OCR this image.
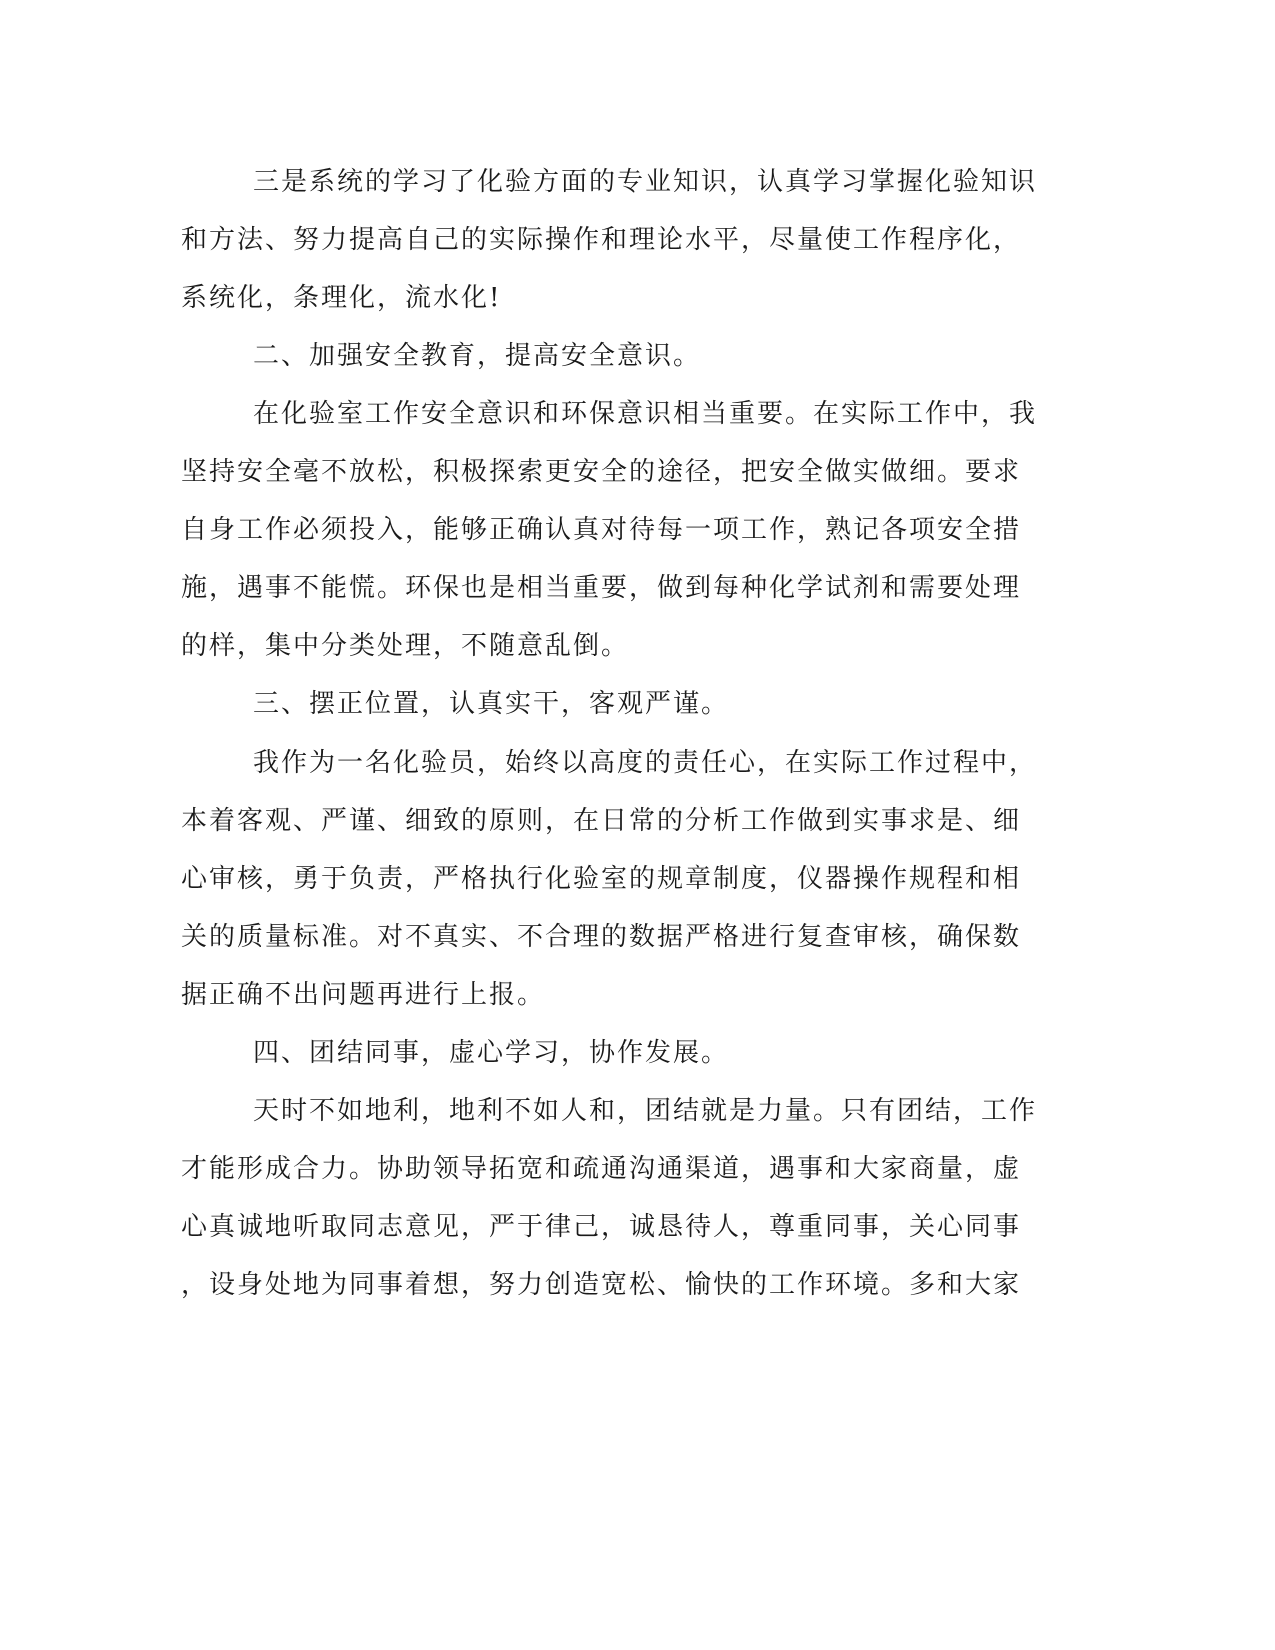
三是系统的学习了化验方面的专业知识，认真学习掌握化验知识
和方法、努力提高自己的实际操作和理论水平，尽量使工作程序化，
系统化，条理化，流水化!
二、加强安全教育，提高安全意识。
在化验室工作安全意识和环保意识相当重要。在实际工作中，我
坚持安全毫不放松，积极探索更安全的途径，把安全做实做细。要求
自身工作必须投入，能够正确认真对待每一项工作，熟记各项安全措
施，遇事不能慌。环保也是相当重要，做到每种化学试剂和需要处理
的样，集中分类处理，不随意乱倒。
三、摆正位置，认真实干，客观严谨。
我作为一名化验员，始终以高度的责任心，在实际工作过程中，
本着客观、严谨、细致的原则，在日常的分析工作做到实事求是、细
心审核，勇于负责，严格执行化验室的规章制度，仪器操作规程和相
关的质量标准。对不真实、不合理的数据严格进行复查审核，确保数
据正确不出问题再进行上报。
四、团结同事，虚心学习，协作发展。
天时不如地利，地利不如人和，团结就是力量。只有团结，工作
才能形成合力。协助领导拓宽和疏通沟通渠道，遇事和大家商量，虚
心真诚地听取同志意见，严于律己，诚恳待人，尊重同事，关心同事
，设身处地为同事着想，努力创造宽松、愉快的工作环境。多和大家
